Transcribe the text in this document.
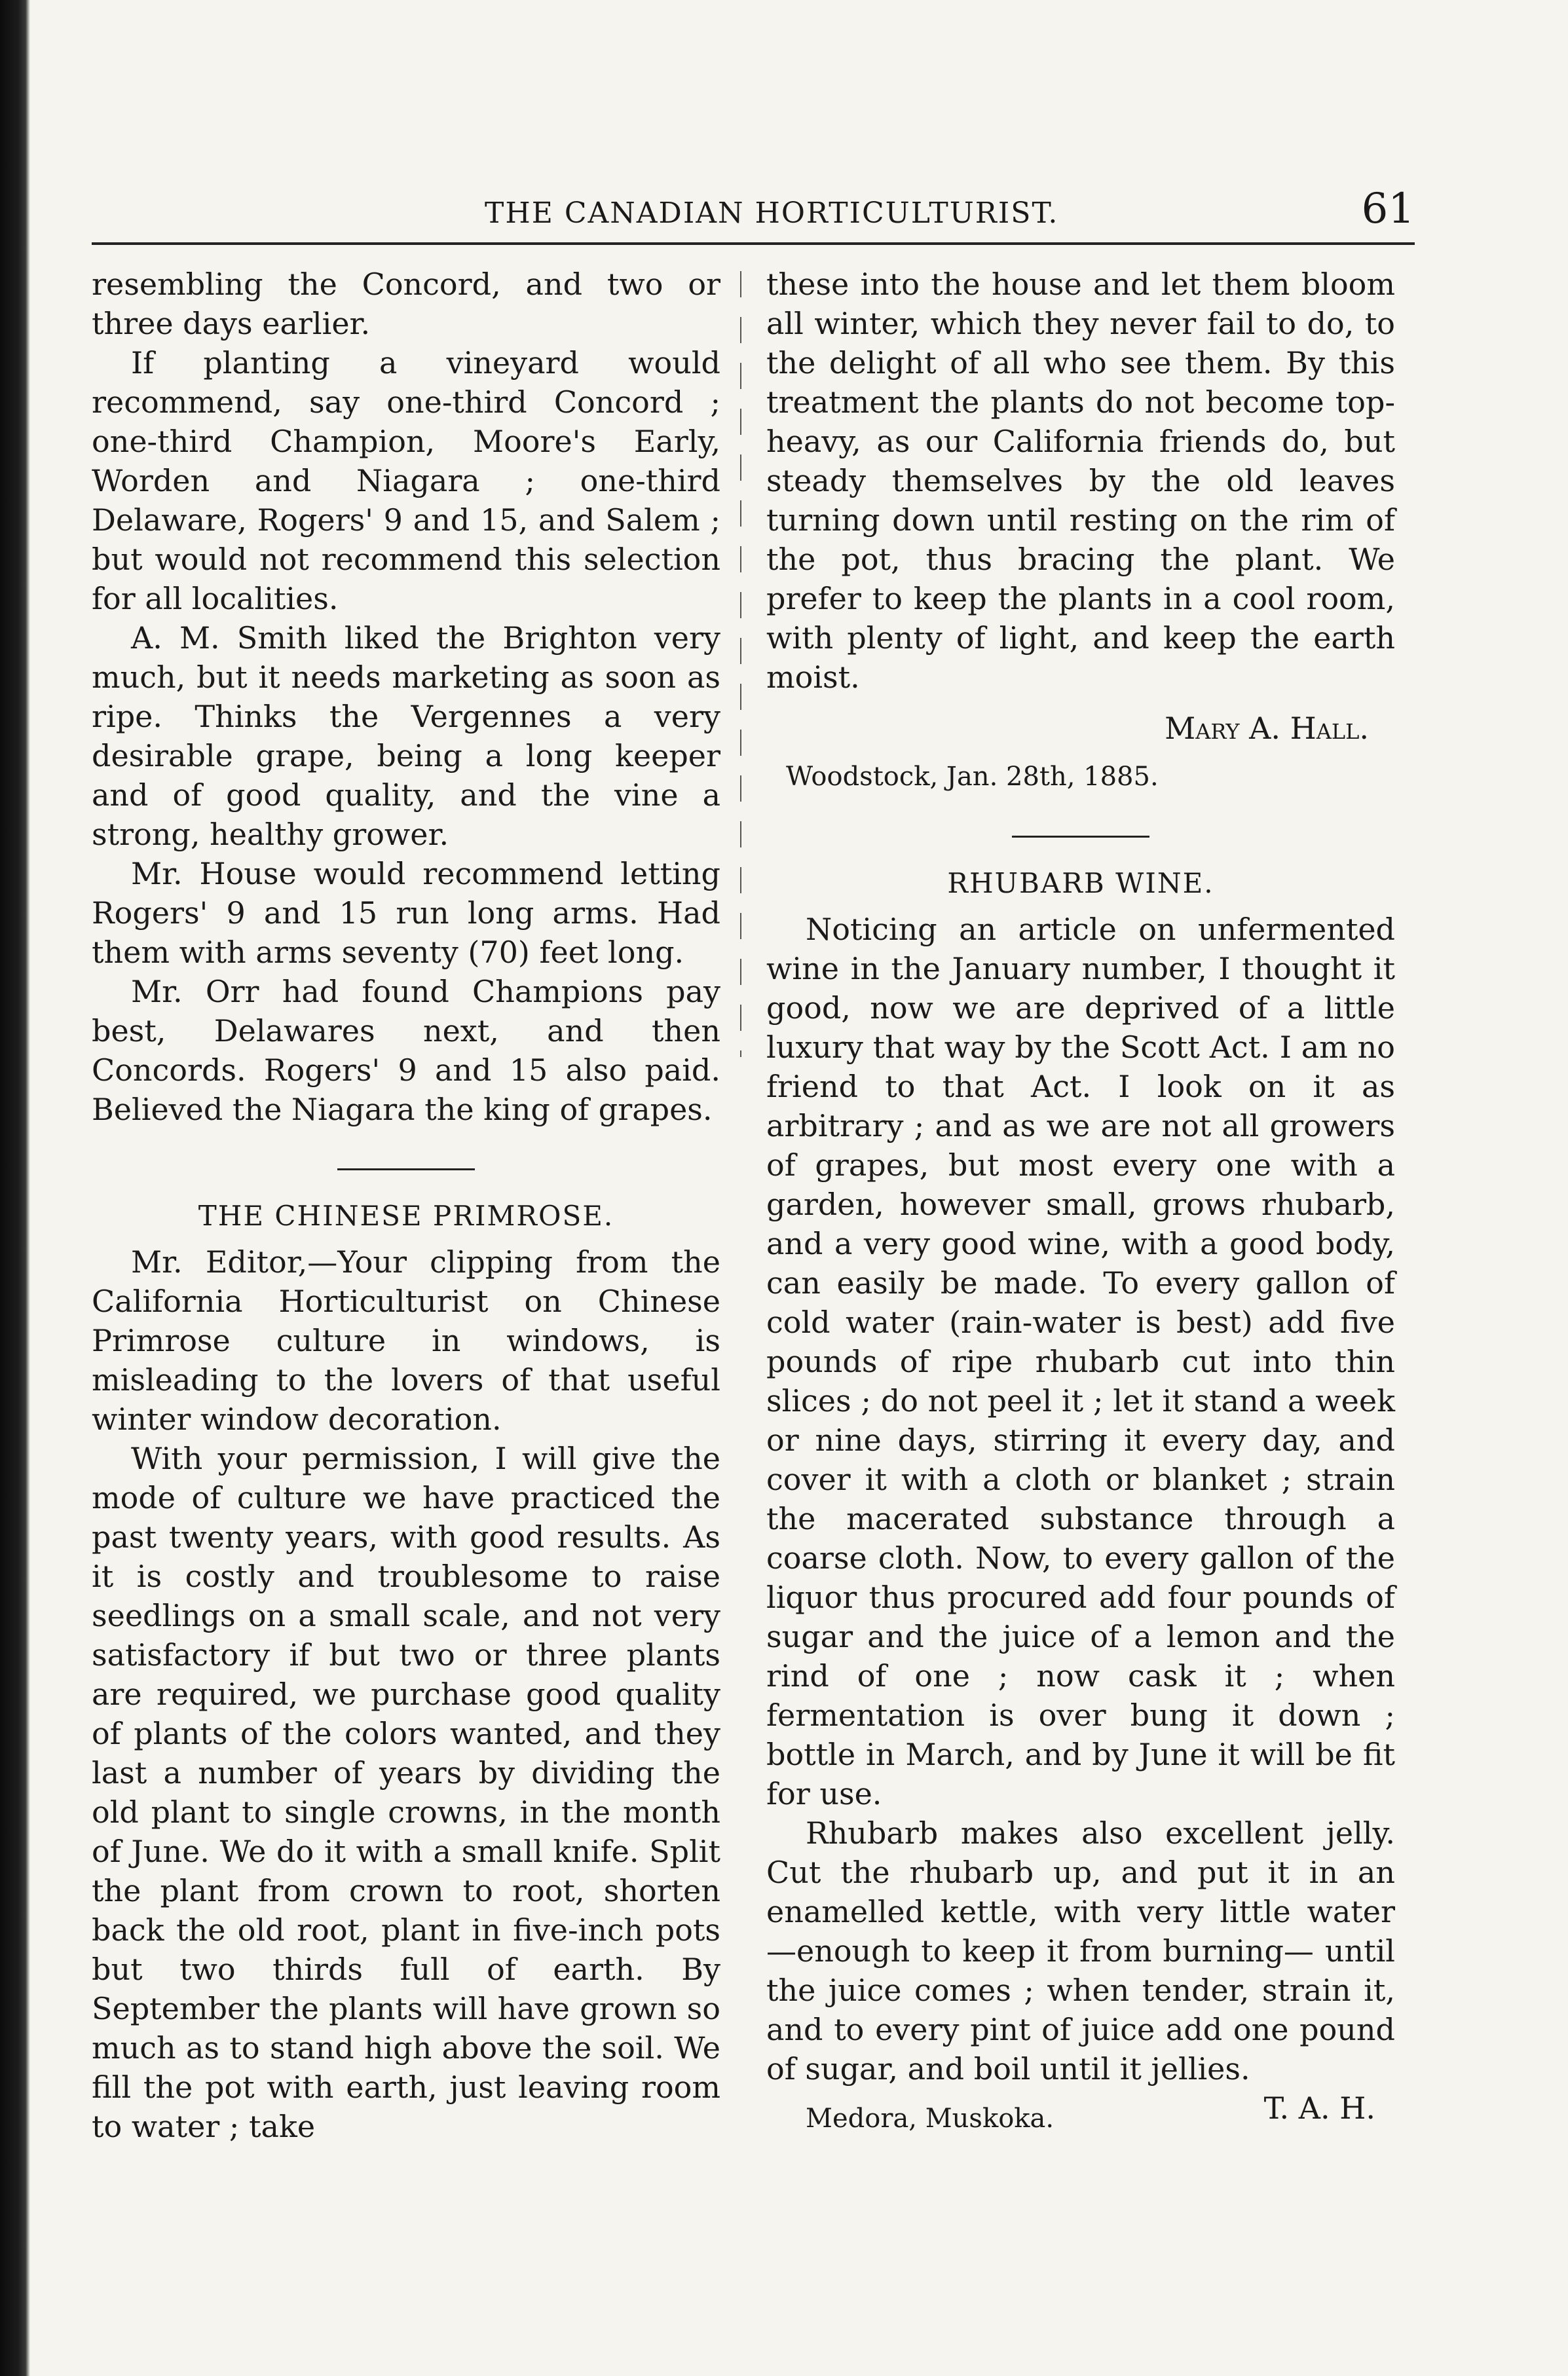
THE CANADIAN HORTICULTURIST.	61

resembling the Concord, and two or three days earlier.

If planting a vineyard would recommend, say one-third Concord ; one-third Champion, Moore's Early, Worden and Niagara ; one-third Delaware, Rogers' 9 and 15, and Salem ; but would not recommend this selection for all localities.

A. M. Smith liked the Brighton very much, but it needs marketing as soon as ripe. Thinks the Vergennes a very desirable grape, being a long keeper and of good quality, and the vine a strong, healthy grower.

Mr. House would recommend letting Rogers' 9 and 15 run long arms. Had them with arms seventy (70) feet long.

Mr. Orr had found Champions pay best, Delawares next, and then Concords. Rogers' 9 and 15 also paid. Believed the Niagara the king of grapes.

THE CHINESE PRIMROSE.

Mr. Editor,—Your clipping from the California Horticulturist on Chinese Primrose culture in windows, is misleading to the lovers of that useful winter window decoration.

With your permission, I will give the mode of culture we have practiced the past twenty years, with good results. As it is costly and troublesome to raise seedlings on a small scale, and not very satisfactory if but two or three plants are required, we purchase good quality of plants of the colors wanted, and they last a number of years by dividing the old plant to single crowns, in the month of June. We do it with a small knife. Split the plant from crown to root, shorten back the old root, plant in five-inch pots but two thirds full of earth. By September the plants will have grown so much as to stand high above the soil. We fill the pot with earth, just leaving room to water ; take

these into the house and let them bloom all winter, which they never fail to do, to the delight of all who see them. By this treatment the plants do not become top-heavy, as our California friends do, but steady themselves by the old leaves turning down until resting on the rim of the pot, thus bracing the plant. We prefer to keep the plants in a cool room, with plenty of light, and keep the earth moist.

Mary A. Hall.
Woodstock, Jan. 28th, 1885.
RHUBARB WINE.

Noticing an article on unfermented wine in the January number, I thought it good, now we are deprived of a little luxury that way by the Scott Act. I am no friend to that Act. I look on it as arbitrary ; and as we are not all growers of grapes, but most every one with a garden, however small, grows rhubarb, and a very good wine, with a good body, can easily be made. To every gallon of cold water (rain-water is best) add five pounds of ripe rhubarb cut into thin slices ; do not peel it ; let it stand a week or nine days, stirring it every day, and cover it with a cloth or blanket ; strain the macerated substance through a coarse cloth. Now, to every gallon of the liquor thus procured add four pounds of sugar and the juice of a lemon and the rind of one ; now cask it ; when fermentation is over bung it down ; bottle in March, and by June it will be fit for use.

Rhubarb makes also excellent jelly. Cut the rhubarb up, and put it in an enamelled kettle, with very little water —enough to keep it from burning— until the juice comes ; when tender, strain it, and to every pint of juice add one pound of sugar, and boil until it jellies.
T. A. H.

Medora, Muskoka.
